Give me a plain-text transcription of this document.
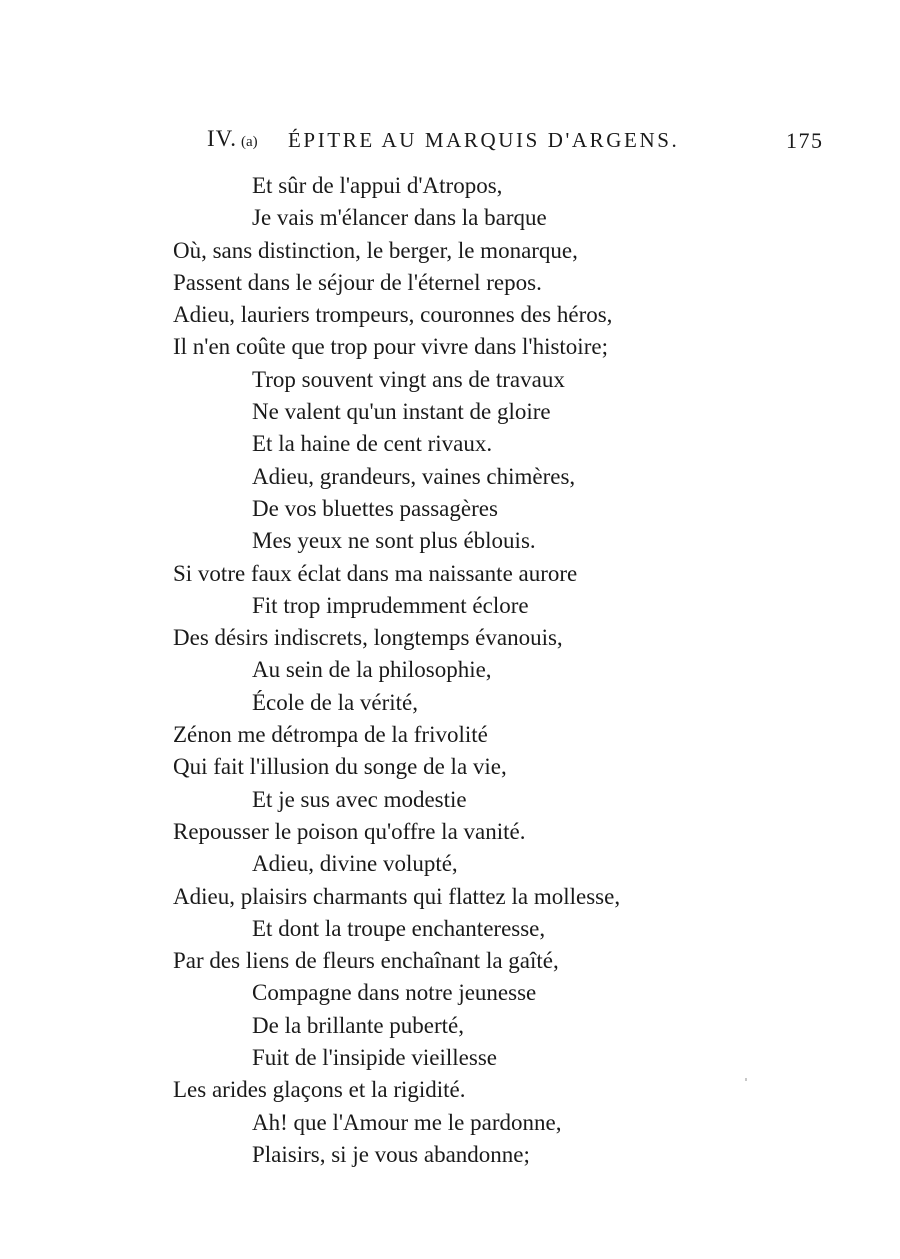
IV. (a) ÉPITRE AU MARQUIS D'ARGENS.	175
Et sûr de l'appui d'Atropos,
Je vais m'élancer dans la barque
Où, sans distinction, le berger, le monarque,
Passent dans le séjour de l'éternel repos.
Adieu, lauriers trompeurs, couronnes des héros,
Il n'en coûte que trop pour vivre dans l'histoire;
Trop souvent vingt ans de travaux
Ne valent qu'un instant de gloire
Et la haine de cent rivaux.
Adieu, grandeurs, vaines chimères,
De vos bluettes passagères
Mes yeux ne sont plus éblouis.
Si votre faux éclat dans ma naissante aurore
Fit trop imprudemment éclore
Des désirs indiscrets, longtemps évanouis,
Au sein de la philosophie,
École de la vérité,
Zénon me détrompa de la frivolité
Qui fait l'illusion du songe de la vie,
Et je sus avec modestie
Repousser le poison qu'offre la vanité.
Adieu, divine volupté,
Adieu, plaisirs charmants qui flattez la mollesse,
Et dont la troupe enchanteresse,
Par des liens de fleurs enchaînant la gaîté,
Compagne dans notre jeunesse
De la brillante puberté,
Fuit de l'insipide vieillesse
Les arides glaçons et la rigidité.
Ah! que l'Amour me le pardonne,
Plaisirs, si je vous abandonne;
